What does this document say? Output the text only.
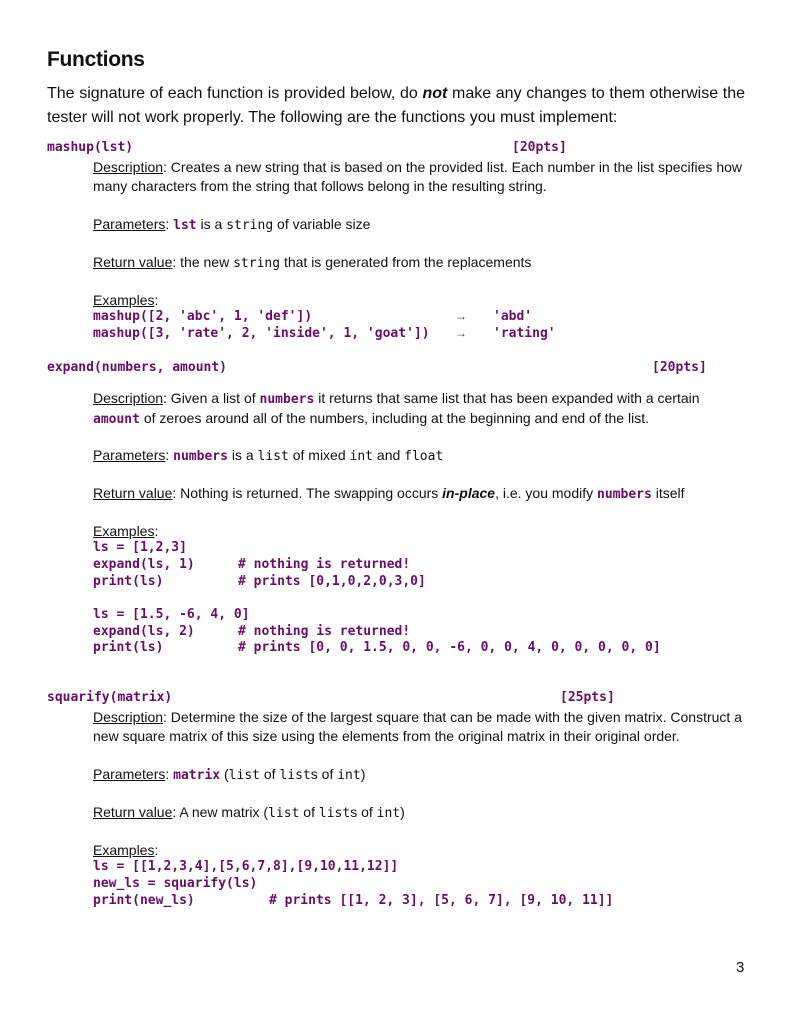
Functions

The signature of each function is provided below, do not make any changes to them otherwise the tester will not work properly. The following are the functions you must implement:

mashup(lst)	[20pts]

Description: Creates a new string that is based on the provided list. Each number in the list specifies how many characters from the string that follows belong in the resulting string.

Parameters: lst is a string of variable size

Return value: the new string that is generated from the replacements

Examples:

mashup([2, 'abc', 1, 'def'])	→ 'abd'
mashup([3, 'rate', 2, 'inside', 1, 'goat']) → 'rating'
expand(numbers, amount)	[20pts]

Description: Given a list of numbers it returns that same list that has been expanded with a certain amount of zeroes around all of the numbers, including at the beginning and end of the list.

Parameters: numbers is a list of mixed int and float

Return value: Nothing is returned. The swapping occurs in-place, i.e. you modify numbers itself

Examples:

ls = [1,2,3]
expand(ls, 1)	# nothing is returned!
print(ls)	# prints [0,1,0,2,0,3,0]
ls = [1.5, -6, 4, 0]
expand(ls, 2)	# nothing is returned!
print(ls)	# prints [0, 0, 1.5, 0, 0, -6, 0, 0, 4, 0, 0, 0, 0, 0]
squarify(matrix)	[25pts]

Description: Determine the size of the largest square that can be made with the given matrix. Construct a new square matrix of this size using the elements from the original matrix in their original order.

Parameters: matrix (list of lists of int)

Return value: A new matrix (list of lists of int)

Examples:

ls = [[1,2,3,4],[5,6,7,8],[9,10,11,12]]
new_ls = squarify(ls)
print(new_ls)	# prints [[1, 2, 3], [5, 6, 7], [9, 10, 11]]
3
